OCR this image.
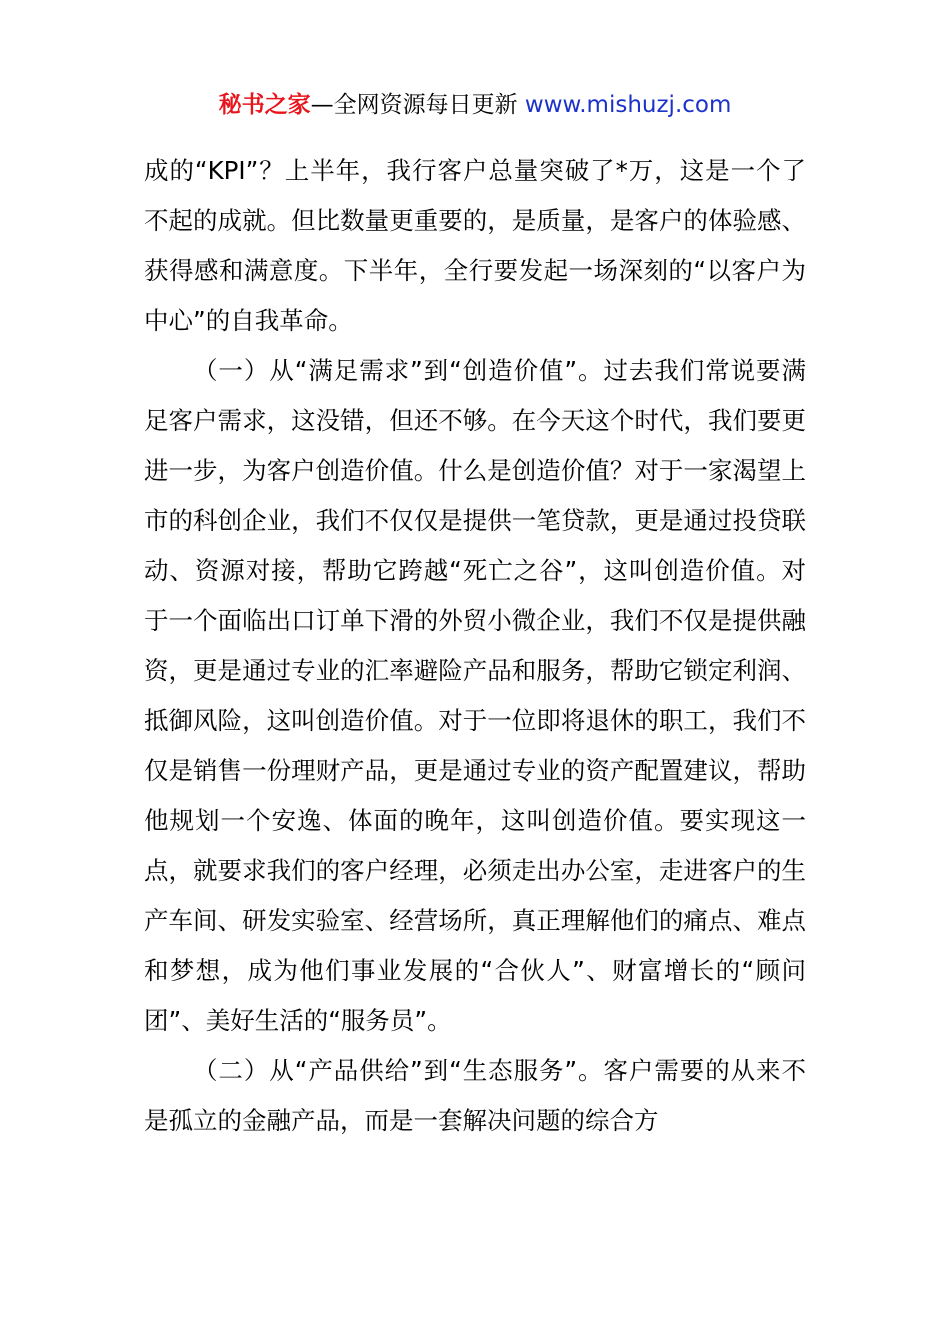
秘书之家—全网资源每日更新 www.mishuzj.com

成的“KPI”？上半年，我行客户总量突破了*万，这是一个了不起的成就。但比数量更重要的，是质量，是客户的体验感、获得感和满意度。下半年，全行要发起一场深刻的“以客户为中心”的自我革命。

（一）从“满足需求”到“创造价值”。过去我们常说要满足客户需求，这没错，但还不够。在今天这个时代，我们要更进一步，为客户创造价值。什么是创造价值？对于一家渴望上市的科创企业，我们不仅仅是提供一笔贷款，更是通过投贷联动、资源对接，帮助它跨越“死亡之谷”，这叫创造价值。对于一个面临出口订单下滑的外贸小微企业，我们不仅是提供融资，更是通过专业的汇率避险产品和服务，帮助它锁定利润、抵御风险，这叫创造价值。对于一位即将退休的职工，我们不仅是销售一份理财产品，更是通过专业的资产配置建议，帮助他规划一个安逸、体面的晚年，这叫创造价值。要实现这一点，就要求我们的客户经理，必须走出办公室，走进客户的生产车间、研发实验室、经营场所，真正理解他们的痛点、难点和梦想，成为他们事业发展的“合伙人”、财富增长的“顾问团”、美好生活的“服务员”。

（二）从“产品供给”到“生态服务”。客户需要的从来不是孤立的金融产品，而是一套解决问题的综合方
